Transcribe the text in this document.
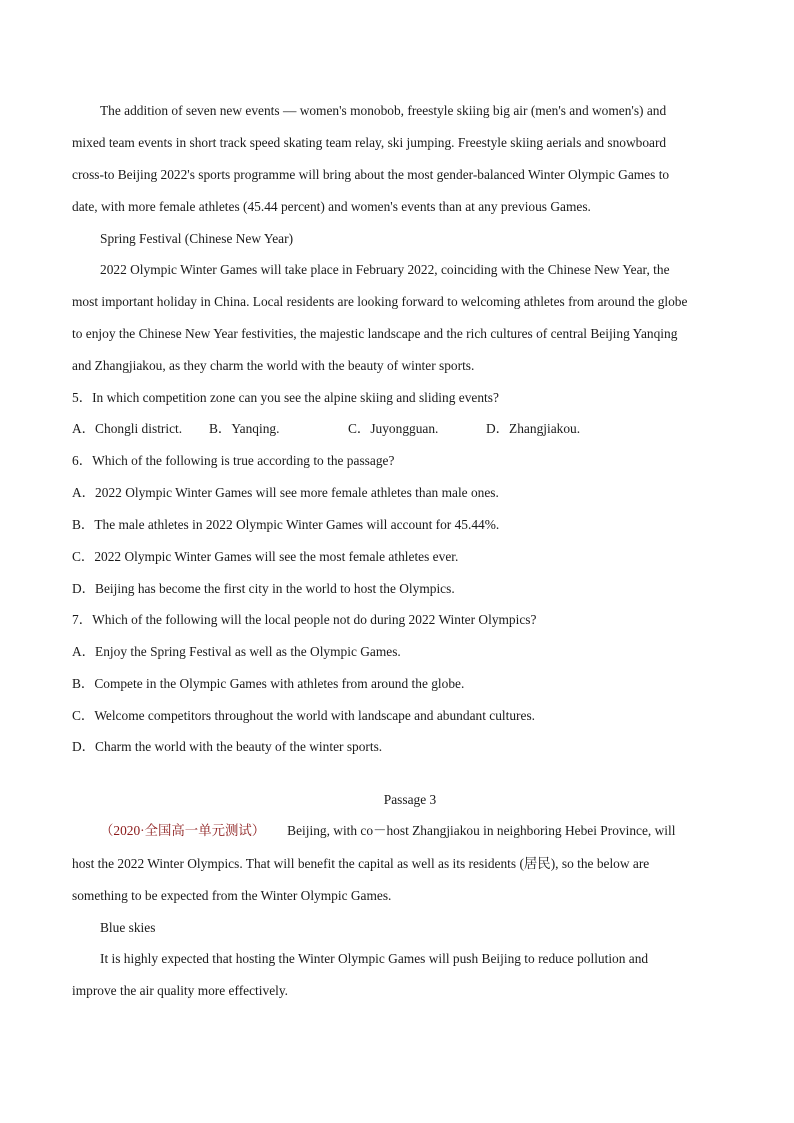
The addition of seven new events — women's monobob, freestyle skiing big air (men's and women's) and
mixed team events in short track speed skating team relay, ski jumping. Freestyle skiing aerials and snowboard
cross-to Beijing 2022's sports programme will bring about the most gender-balanced Winter Olympic Games to
date, with more female athletes (45.44 percent) and women's events than at any previous Games.
Spring Festival (Chinese New Year)
2022 Olympic Winter Games will take place in February 2022, coinciding with the Chinese New Year, the
most important holiday in China. Local residents are looking forward to welcoming athletes from around the globe
to enjoy the Chinese New Year festivities, the majestic landscape and the rich cultures of central Beijing Yanqing
and Zhangjiakou, as they charm the world with the beauty of winter sports.
5．In which competition zone can you see the alpine skiing and sliding events?
A．Chongli district. B．Yanqing.	C．Juyongguan.	D．Zhangjiakou.
6．Which of the following is true according to the passage?
A．2022 Olympic Winter Games will see more female athletes than male ones.
B．The male athletes in 2022 Olympic Winter Games will account for 45.44%.
C．2022 Olympic Winter Games will see the most female athletes ever.
D．Beijing has become the first city in the world to host the Olympics.
7．Which of the following will the local people not do during 2022 Winter Olympics?
A．Enjoy the Spring Festival as well as the Olympic Games.
B．Compete in the Olympic Games with athletes from around the globe.
C．Welcome competitors throughout the world with landscape and abundant cultures.
D．Charm the world with the beauty of the winter sports.
Passage 3
（2020·全国高一单元测试） Beijing, with co－host Zhangjiakou in neighboring Hebei Province, will
host the 2022 Winter Olympics. That will benefit the capital as well as its residents (居民), so the below are
something to be expected from the Winter Olympic Games.
Blue skies
It is highly expected that hosting the Winter Olympic Games will push Beijing to reduce pollution and
improve the air quality more effectively.
